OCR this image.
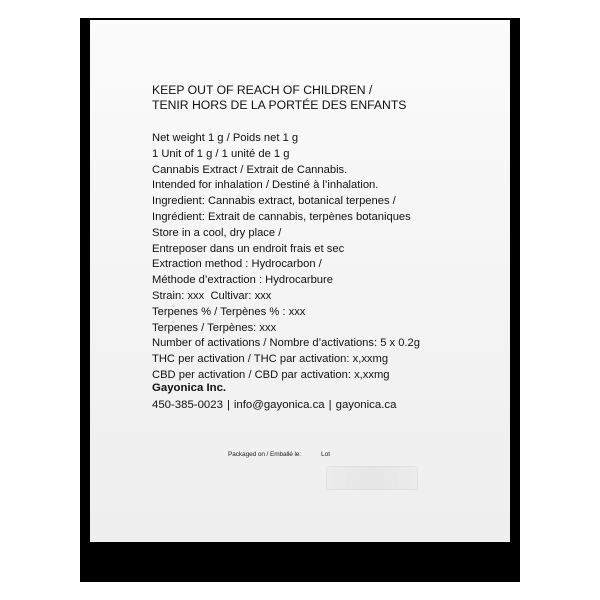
KEEP OUT OF REACH OF CHILDREN /
TENIR HORS DE LA PORTÉE DES ENFANTS
Net weight 1 g / Poids net 1 g
1 Unit of 1 g / 1 unité de 1 g
Cannabis Extract / Extrait de Cannabis.
Intended for inhalation / Destiné à l’inhalation.
Ingredient: Cannabis extract, botanical terpenes /
Ingrédient: Extrait de cannabis, terpènes botaniques
Store in a cool, dry place /
Entreposer dans un endroit frais et sec
Extraction method : Hydrocarbon /
Méthode d’extraction : Hydrocarbure
Strain: xxx  Cultivar: xxx
Terpenes % / Terpènes % : xxx
Terpenes / Terpènes: xxx
Number of activations / Nombre d’activations: 5 x 0.2g
THC per activation / THC par activation: x,xxmg
CBD per activation / CBD par activation: x,xxmg
Gayonica Inc.
450-385-0023 | info@gayonica.ca | gayonica.ca
Packaged on / Emballé le:	Lot
